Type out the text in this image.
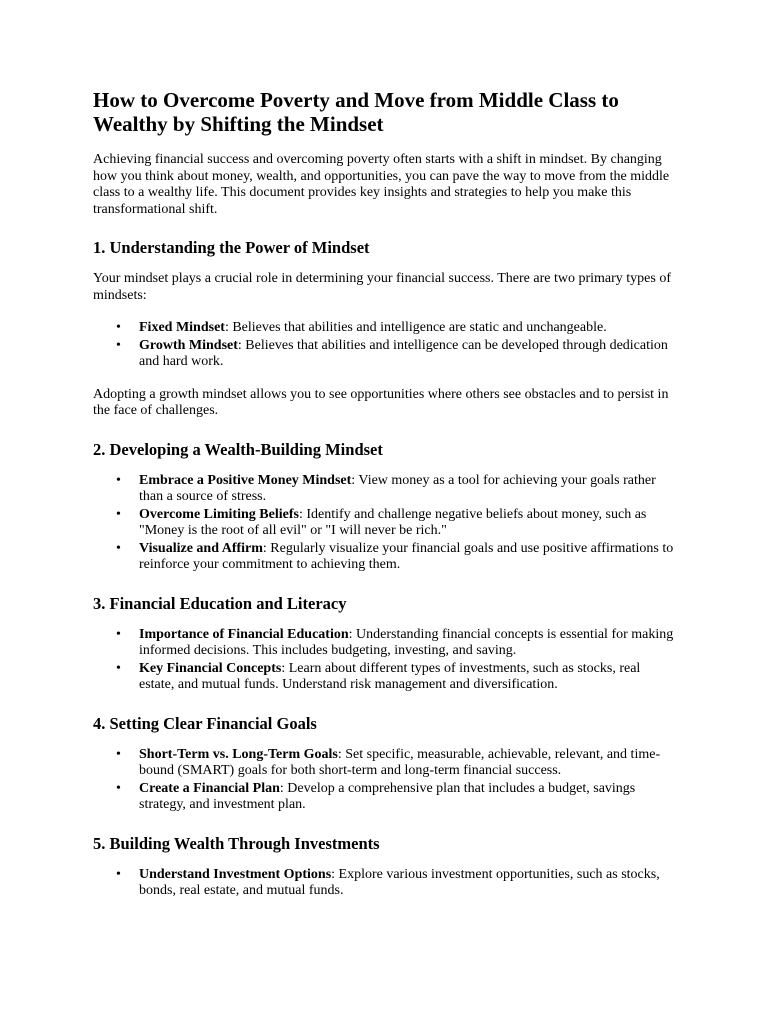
How to Overcome Poverty and Move from Middle Class to Wealthy by Shifting the Mindset

Achieving financial success and overcoming poverty often starts with a shift in mindset. By changing how you think about money, wealth, and opportunities, you can pave the way to move from the middle class to a wealthy life. This document provides key insights and strategies to help you make this transformational shift.

1. Understanding the Power of Mindset

Your mindset plays a crucial role in determining your financial success. There are two primary types of mindsets:

• Fixed Mindset: Believes that abilities and intelligence are static and unchangeable.
• Growth Mindset: Believes that abilities and intelligence can be developed through dedication and hard work.

Adopting a growth mindset allows you to see opportunities where others see obstacles and to persist in the face of challenges.

2. Developing a Wealth-Building Mindset
• Embrace a Positive Money Mindset: View money as a tool for achieving your goals rather than a source of stress.
• Overcome Limiting Beliefs: Identify and challenge negative beliefs about money, such as "Money is the root of all evil" or "I will never be rich."
• Visualize and Affirm: Regularly visualize your financial goals and use positive affirmations to reinforce your commitment to achieving them.
3. Financial Education and Literacy
• Importance of Financial Education: Understanding financial concepts is essential for making informed decisions. This includes budgeting, investing, and saving.
• Key Financial Concepts: Learn about different types of investments, such as stocks, real estate, and mutual funds. Understand risk management and diversification.
4. Setting Clear Financial Goals
• Short-Term vs. Long-Term Goals: Set specific, measurable, achievable, relevant, and time-bound (SMART) goals for both short-term and long-term financial success.
• Create a Financial Plan: Develop a comprehensive plan that includes a budget, savings strategy, and investment plan.
5. Building Wealth Through Investments
• Understand Investment Options: Explore various investment opportunities, such as stocks, bonds, real estate, and mutual funds.
